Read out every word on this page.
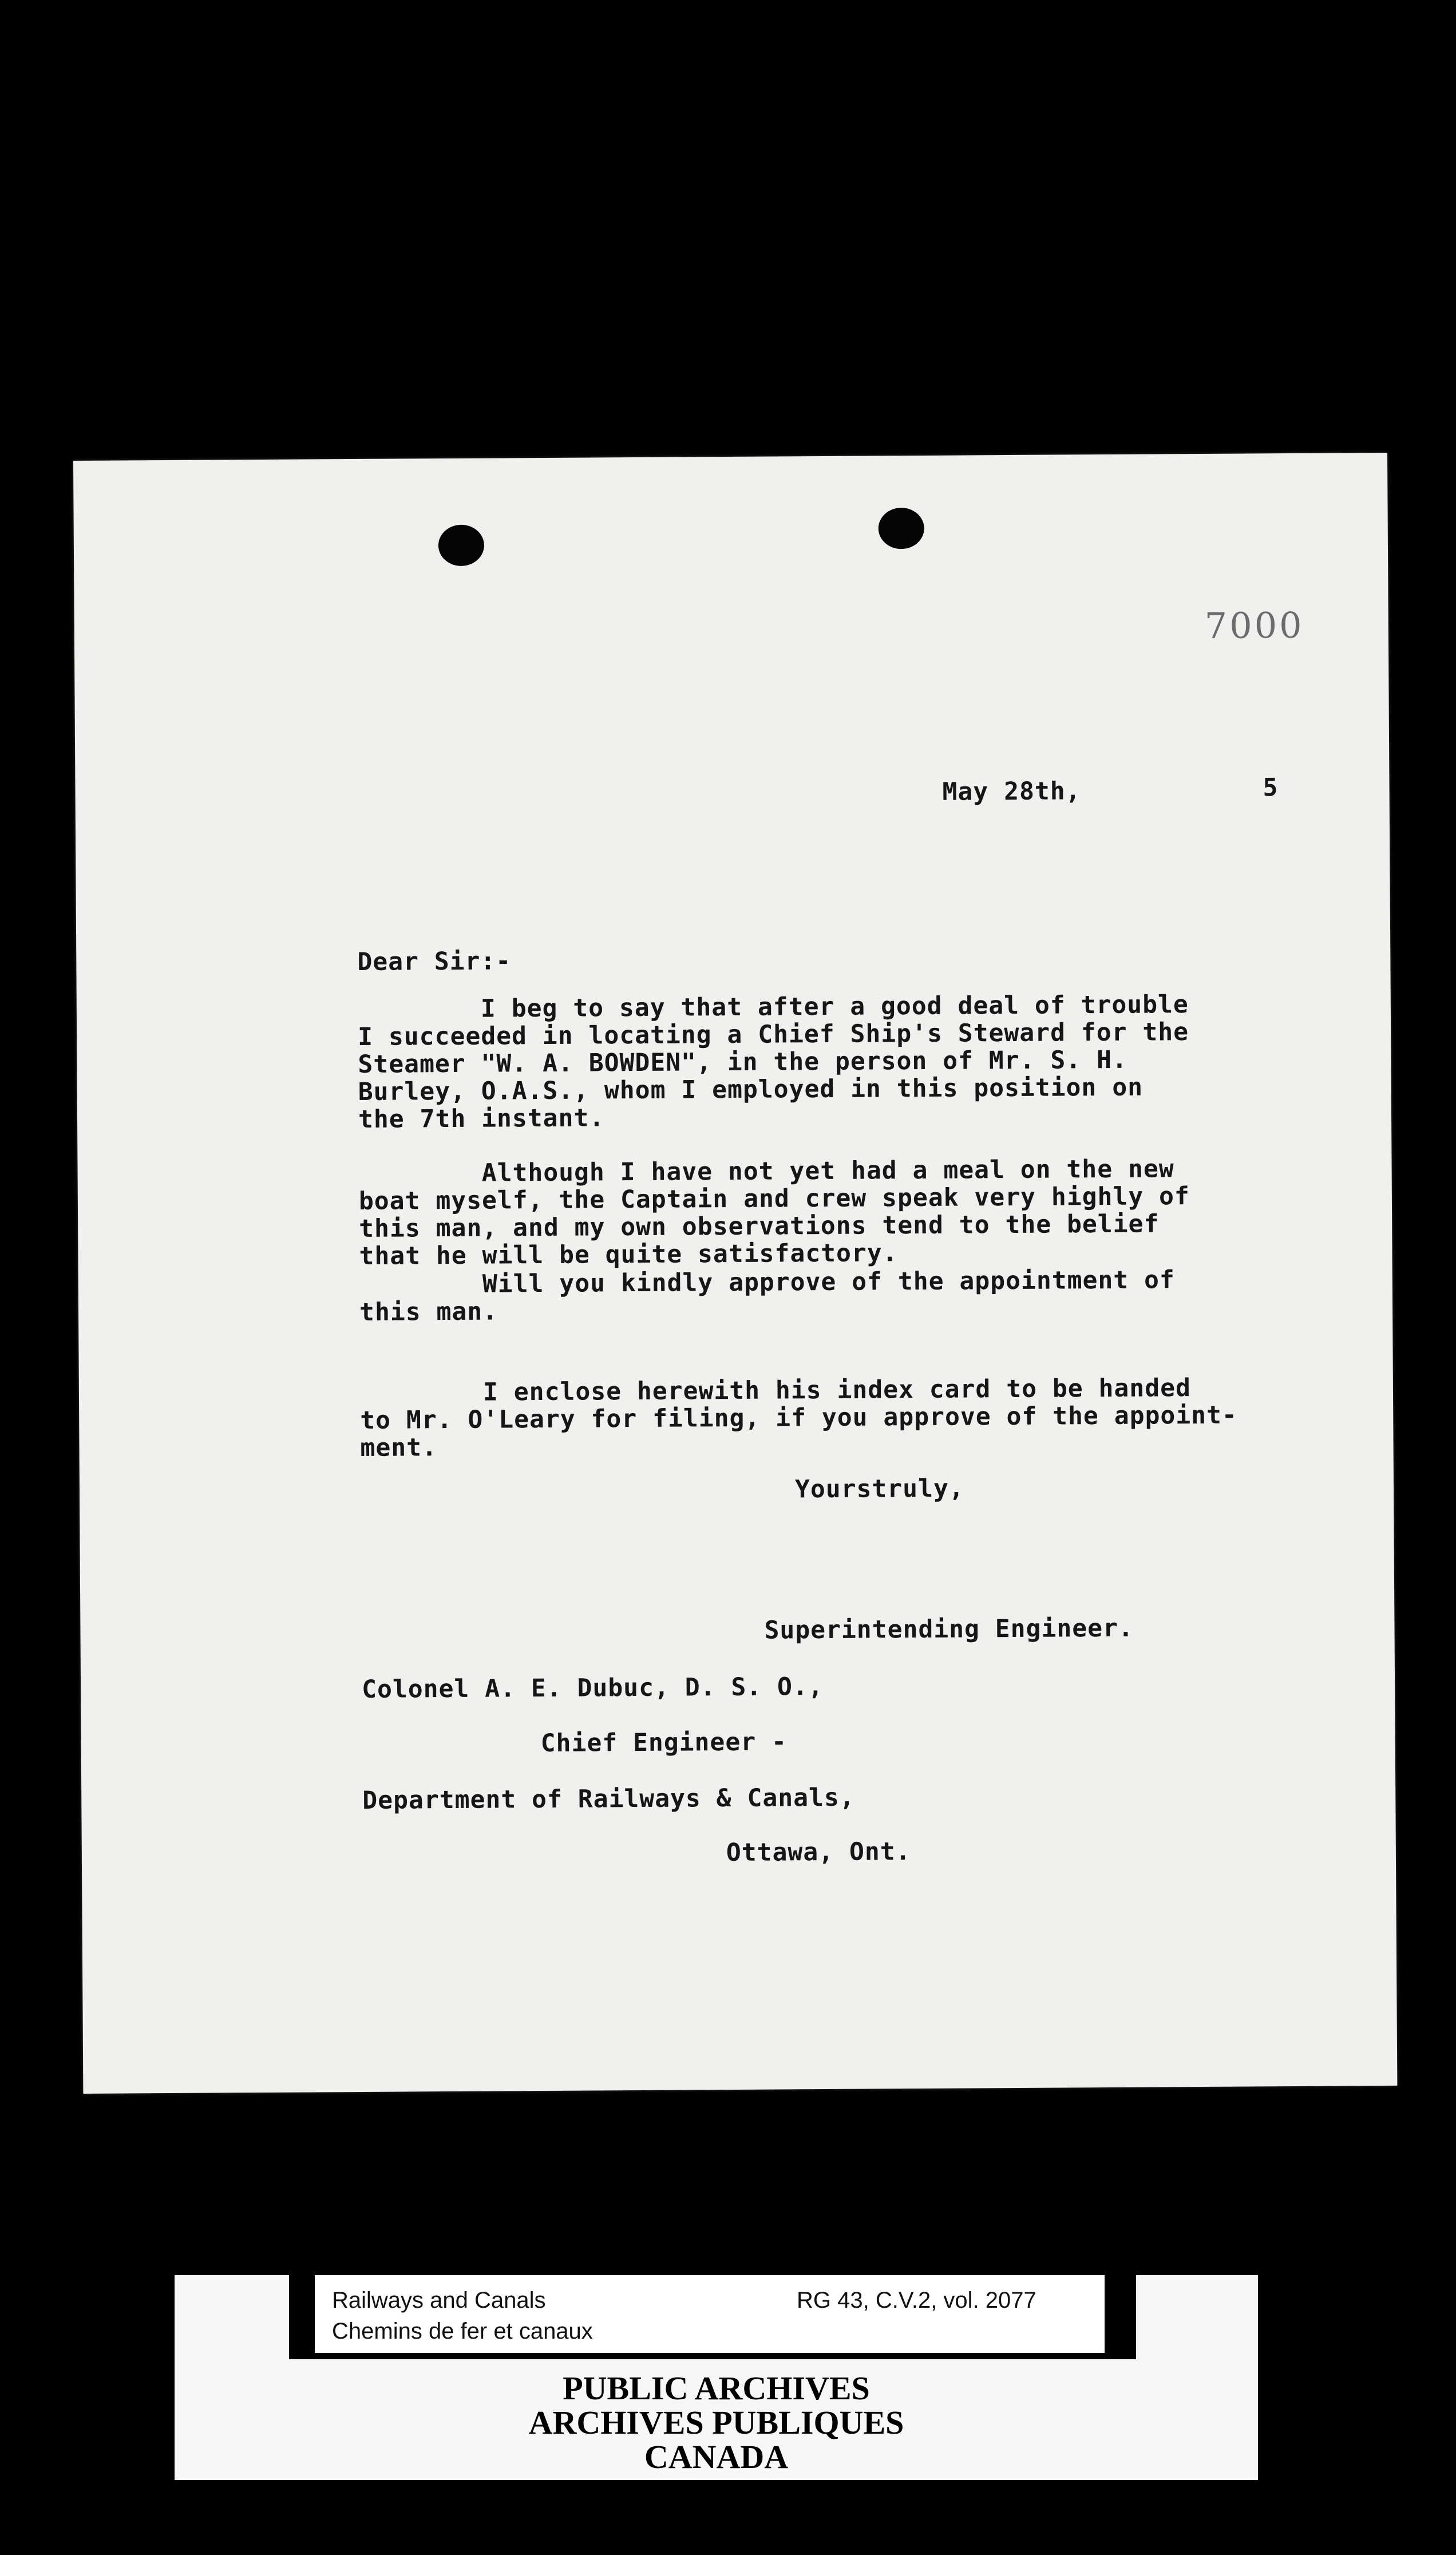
7000
May 28th,	5
Dear Sir:-
I beg to say that after a good deal of trouble
I succeeded in locating a Chief Ship's Steward for the
Steamer "W. A. BOWDEN", in the person of Mr. S. H.
Burley, O.A.S., whom I employed in this position on
the 7th instant.
Although I have not yet had a meal on the new
boat myself, the Captain and crew speak very highly of
this man, and my own observations tend to the belief
that he will be quite satisfactory.
Will you kindly approve of the appointment of
this man.
I enclose herewith his index card to be handed
to Mr. O'Leary for filing, if you approve of the appoint-
ment.
Yourstruly,
Superintending Engineer.
Colonel A. E. Dubuc, D. S. O.,
Chief Engineer -
Department of Railways & Canals,
Ottawa, Ont.
Railways and Canals
Chemins de fer et canaux
RG 43, C.V.2, vol. 2077
PUBLIC ARCHIVES
ARCHIVES PUBLIQUES
CANADA
